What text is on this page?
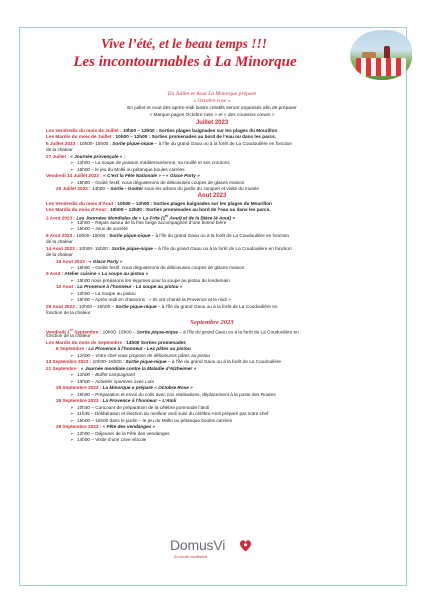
Vive l’été, et le beau temps !!!
Les incontournables à La Minorque
En Juillet et Aout La Minorque prépare
« Octobre rose »
En juillet et Aout des après-midi loisirs créatifs seront organisés afin de préparer
« Marque pages Octobre rose » et « des coussins cœurs »
Juillet 2023
Les Vendredis du mois de Juillet : 10h00 – 12h00 : Sorties plages baignades sur les plages du Mourillon
Les Mardis du mois de Juillet : 10h00 – 12h00 : Sorties promenades au bord de l’eau ou dans les parcs.
5 Juillet 2023 : 10h00- 15h00 : Sortie pique-nique – à l’île du grand Gaou ou à la forêt de La Coudoulière en fonction
de la chaleur
27 Juillet : « Journée provençale » :
➢ 12h00 – La soupe de poisson méditerranéenne, sa rouille et ses croutons
➢ 15h00 – le jeu du Molki ou pétanque boules carrées
Vendredi 14 Juillet 2023 : « C’est la Fête Nationale » – « Glace Party »
➢ 15h00 – Goûté festif, nous dégusterons de délicieuses coupes de glaces maison
25 Juillet 2023 : 14h00 – Sortie - Goûter sous les arbres du jardin du Jonquet et visite du musée
Aout 2023
Les Vendredis du mois d’Aout : 10h00 – 12h00 : Sorties plages baignades sur les plages du Mourillon
Les Mardis du mois d’Aout : 10h00 – 12h00 : Sorties promenades au bord de l’eau ou dans les parcs.
2 Aout 2023 : Les Journées Mondiales de « La Frite (1er Aout) et de la Bière (4 Aout) »
➢ 12h00 – Repas autour de la frite belge accompagnée d’une bonne bière
➢ 15h00 – Jeux de société
8 Aout 2023 : 10h00- 15h00 : Sortie pique-nique – à l’île du grand Gaou ou à la forêt de La Coudoulière en fonction
de la chaleur
14 Aout 2023 : 10h00- 15h00 : Sortie pique-nique – à l’île du grand Gaou ou à la forêt de La Coudoulière en fonction
de la chaleur
16 Aout 2023 : « Glace Party »
➢ 15h00 – Goûté festif, nous dégusterons de délicieuses coupes de glaces maison
9 Aout : Atelier cuisine « La soupe au pistou »
➢ 15h00 nous préparons les légumes pour la soupe au pistou du lendemain
10 Aout : La Provence à l’honneur - La soupe au pistou »
➢ 12h00 – La Soupe au pistou
➢ 15h00 – Après midi en chansons : « Ils ont chanté la Provence et le midi »
29 Aout 2023 : 10h00 – 15h00 – Sortie pique-nique – à l’île du grand Gaou ou à la forêt de La Coudoulière en
fonction de la chaleur
Septembre 2023
Vendredi 1er Septembre : 10h00- 15h00 – Sortie pique-nique – à l’île du grand Gaou ou à la forêt de La Coudoulière en
fonction de la chaleur
Les Mardis du mois de Septembre : 14h00 Sorties promenades
6 Septembre : La Provence à l’honneur - Les pâtes au pistou
➢ 12h00 – Votre chef vous propose de délicieuses pâtes au pistou
13 Septembre 2023 : 10h00- 15h00 : Sortie pique-nique – à l’île du grand Gaou ou à la forêt de La Coudoulière
21 Septembre : « Journée mondiale contre la Maladie d’Alzheimer »
➢ 12h00 – Buffet campagnard
➢ 15h00 – Activités sportives avec Lola
25 Septembre 2023 : La Minorque a préparé « Octobre Rose »
➢ 15h00 – Préparation et envoi du colis avec nos réalisations, déplacement à la poste des Routes
26 Septembre 2023 : La Provence à l’honneur – L’Aïoli
➢ 10h30 – Concours de préparation de la célèbre pommade l’aïoli
➢ 11h45 – Délibération et élection du meilleur aïoli suivi du célèbre Aïoli préparé par notre chef
➢ 15h00 – 15h00 dans le jardin – le jeu du Molki ou pétanque boules carrées
28 Septembre 2023 : « Fête des vendanges »
➢ 12h00 – Déjeuner de la Fête des vendanges
➢ 14h00 – Visite d’une cave viticole
DomusVi
En toute confiance
